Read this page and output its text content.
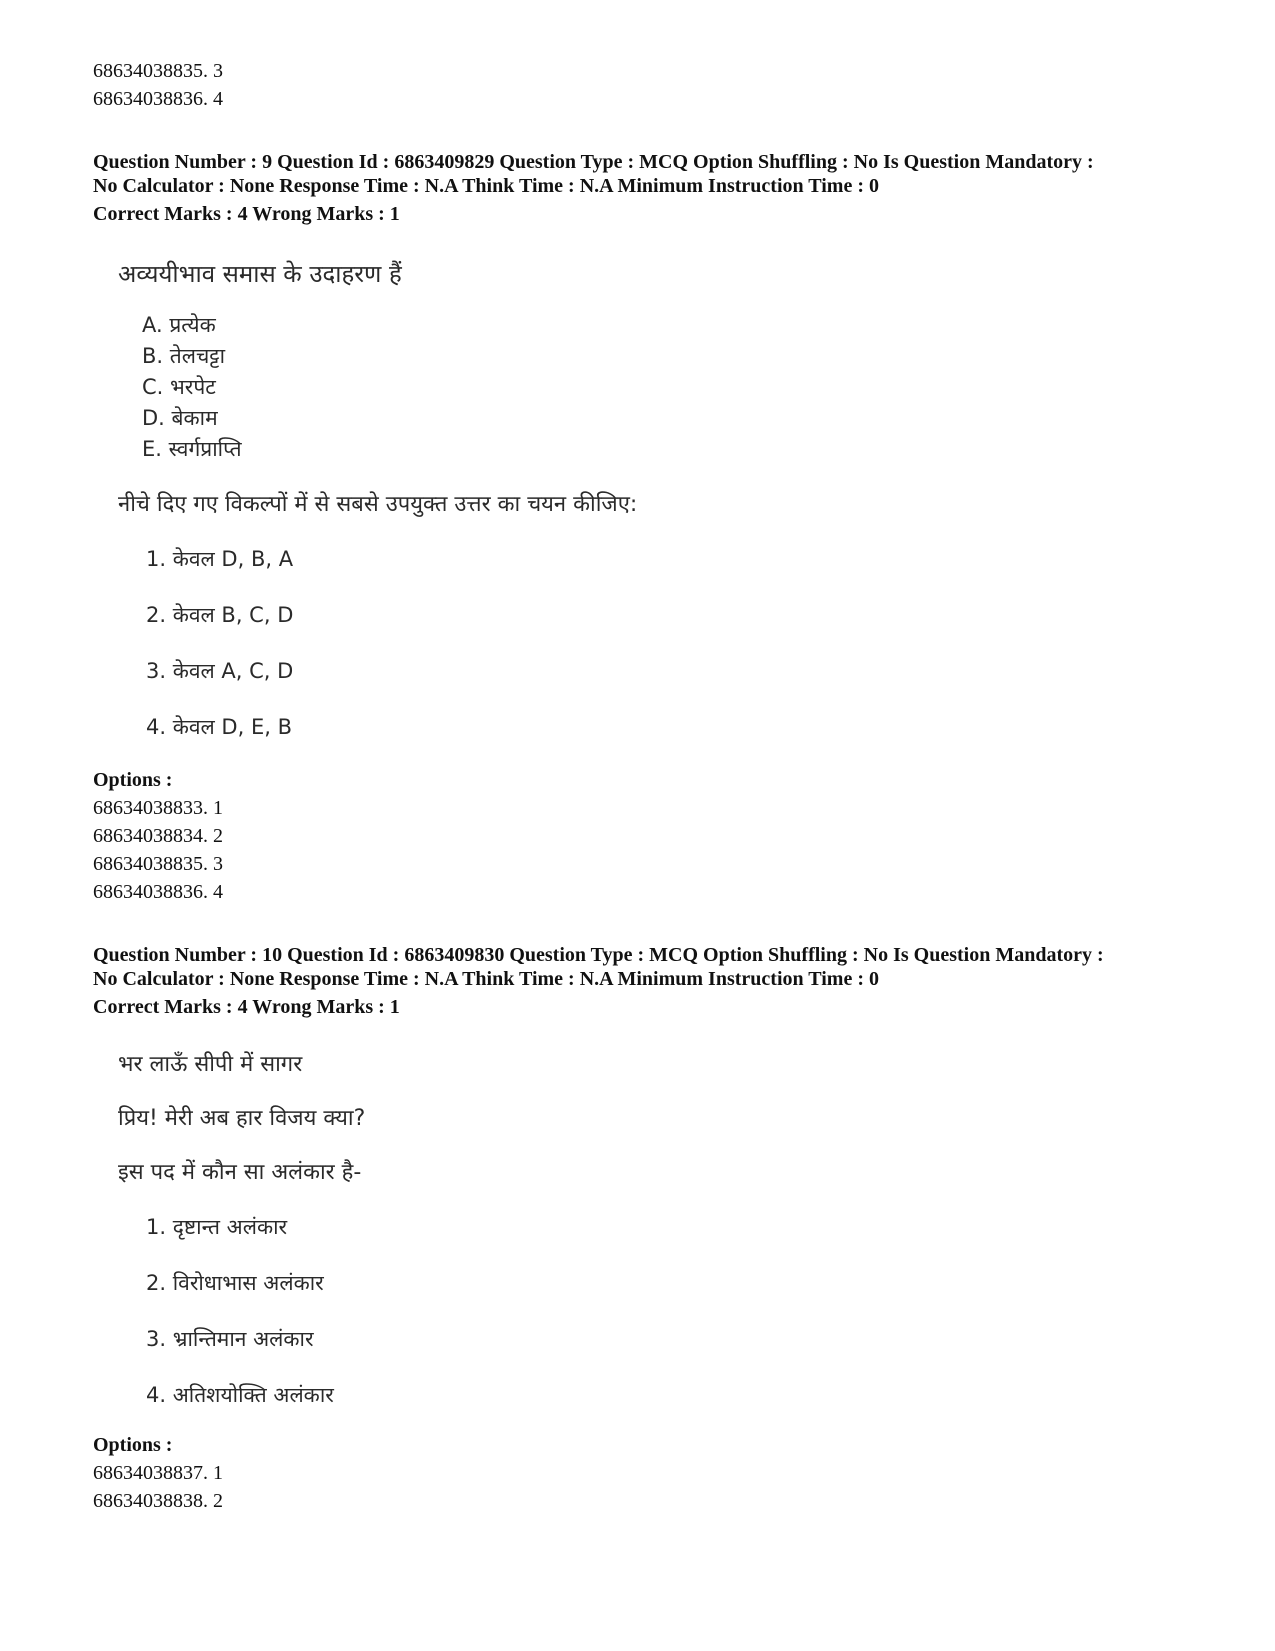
68634038835. 3
68634038836. 4
Question Number : 9 Question Id : 6863409829 Question Type : MCQ Option Shuffling : No Is Question Mandatory :
No Calculator : None Response Time : N.A Think Time : N.A Minimum Instruction Time : 0
Correct Marks : 4 Wrong Marks : 1
अव्ययीभाव समास के उदाहरण हैं
A. प्रत्येक
B. तेलचट्टा
C. भरपेट
D. बेकाम
E. स्वर्गप्राप्ति
नीचे दिए गए विकल्पों में से सबसे उपयुक्त उत्तर का चयन कीजिए:
1. केवल D, B, A
2. केवल B, C, D
3. केवल A, C, D
4. केवल D, E, B
Options :
68634038833. 1
68634038834. 2
68634038835. 3
68634038836. 4
Question Number : 10 Question Id : 6863409830 Question Type : MCQ Option Shuffling : No Is Question Mandatory :
No Calculator : None Response Time : N.A Think Time : N.A Minimum Instruction Time : 0
Correct Marks : 4 Wrong Marks : 1
भर लाऊँ सीपी में सागर
प्रिय! मेरी अब हार विजय क्या?
इस पद में कौन सा अलंकार है-
1. दृष्टान्त अलंकार
2. विरोधाभास अलंकार
3. भ्रान्तिमान अलंकार
4. अतिशयोक्ति अलंकार
Options :
68634038837. 1
68634038838. 2
